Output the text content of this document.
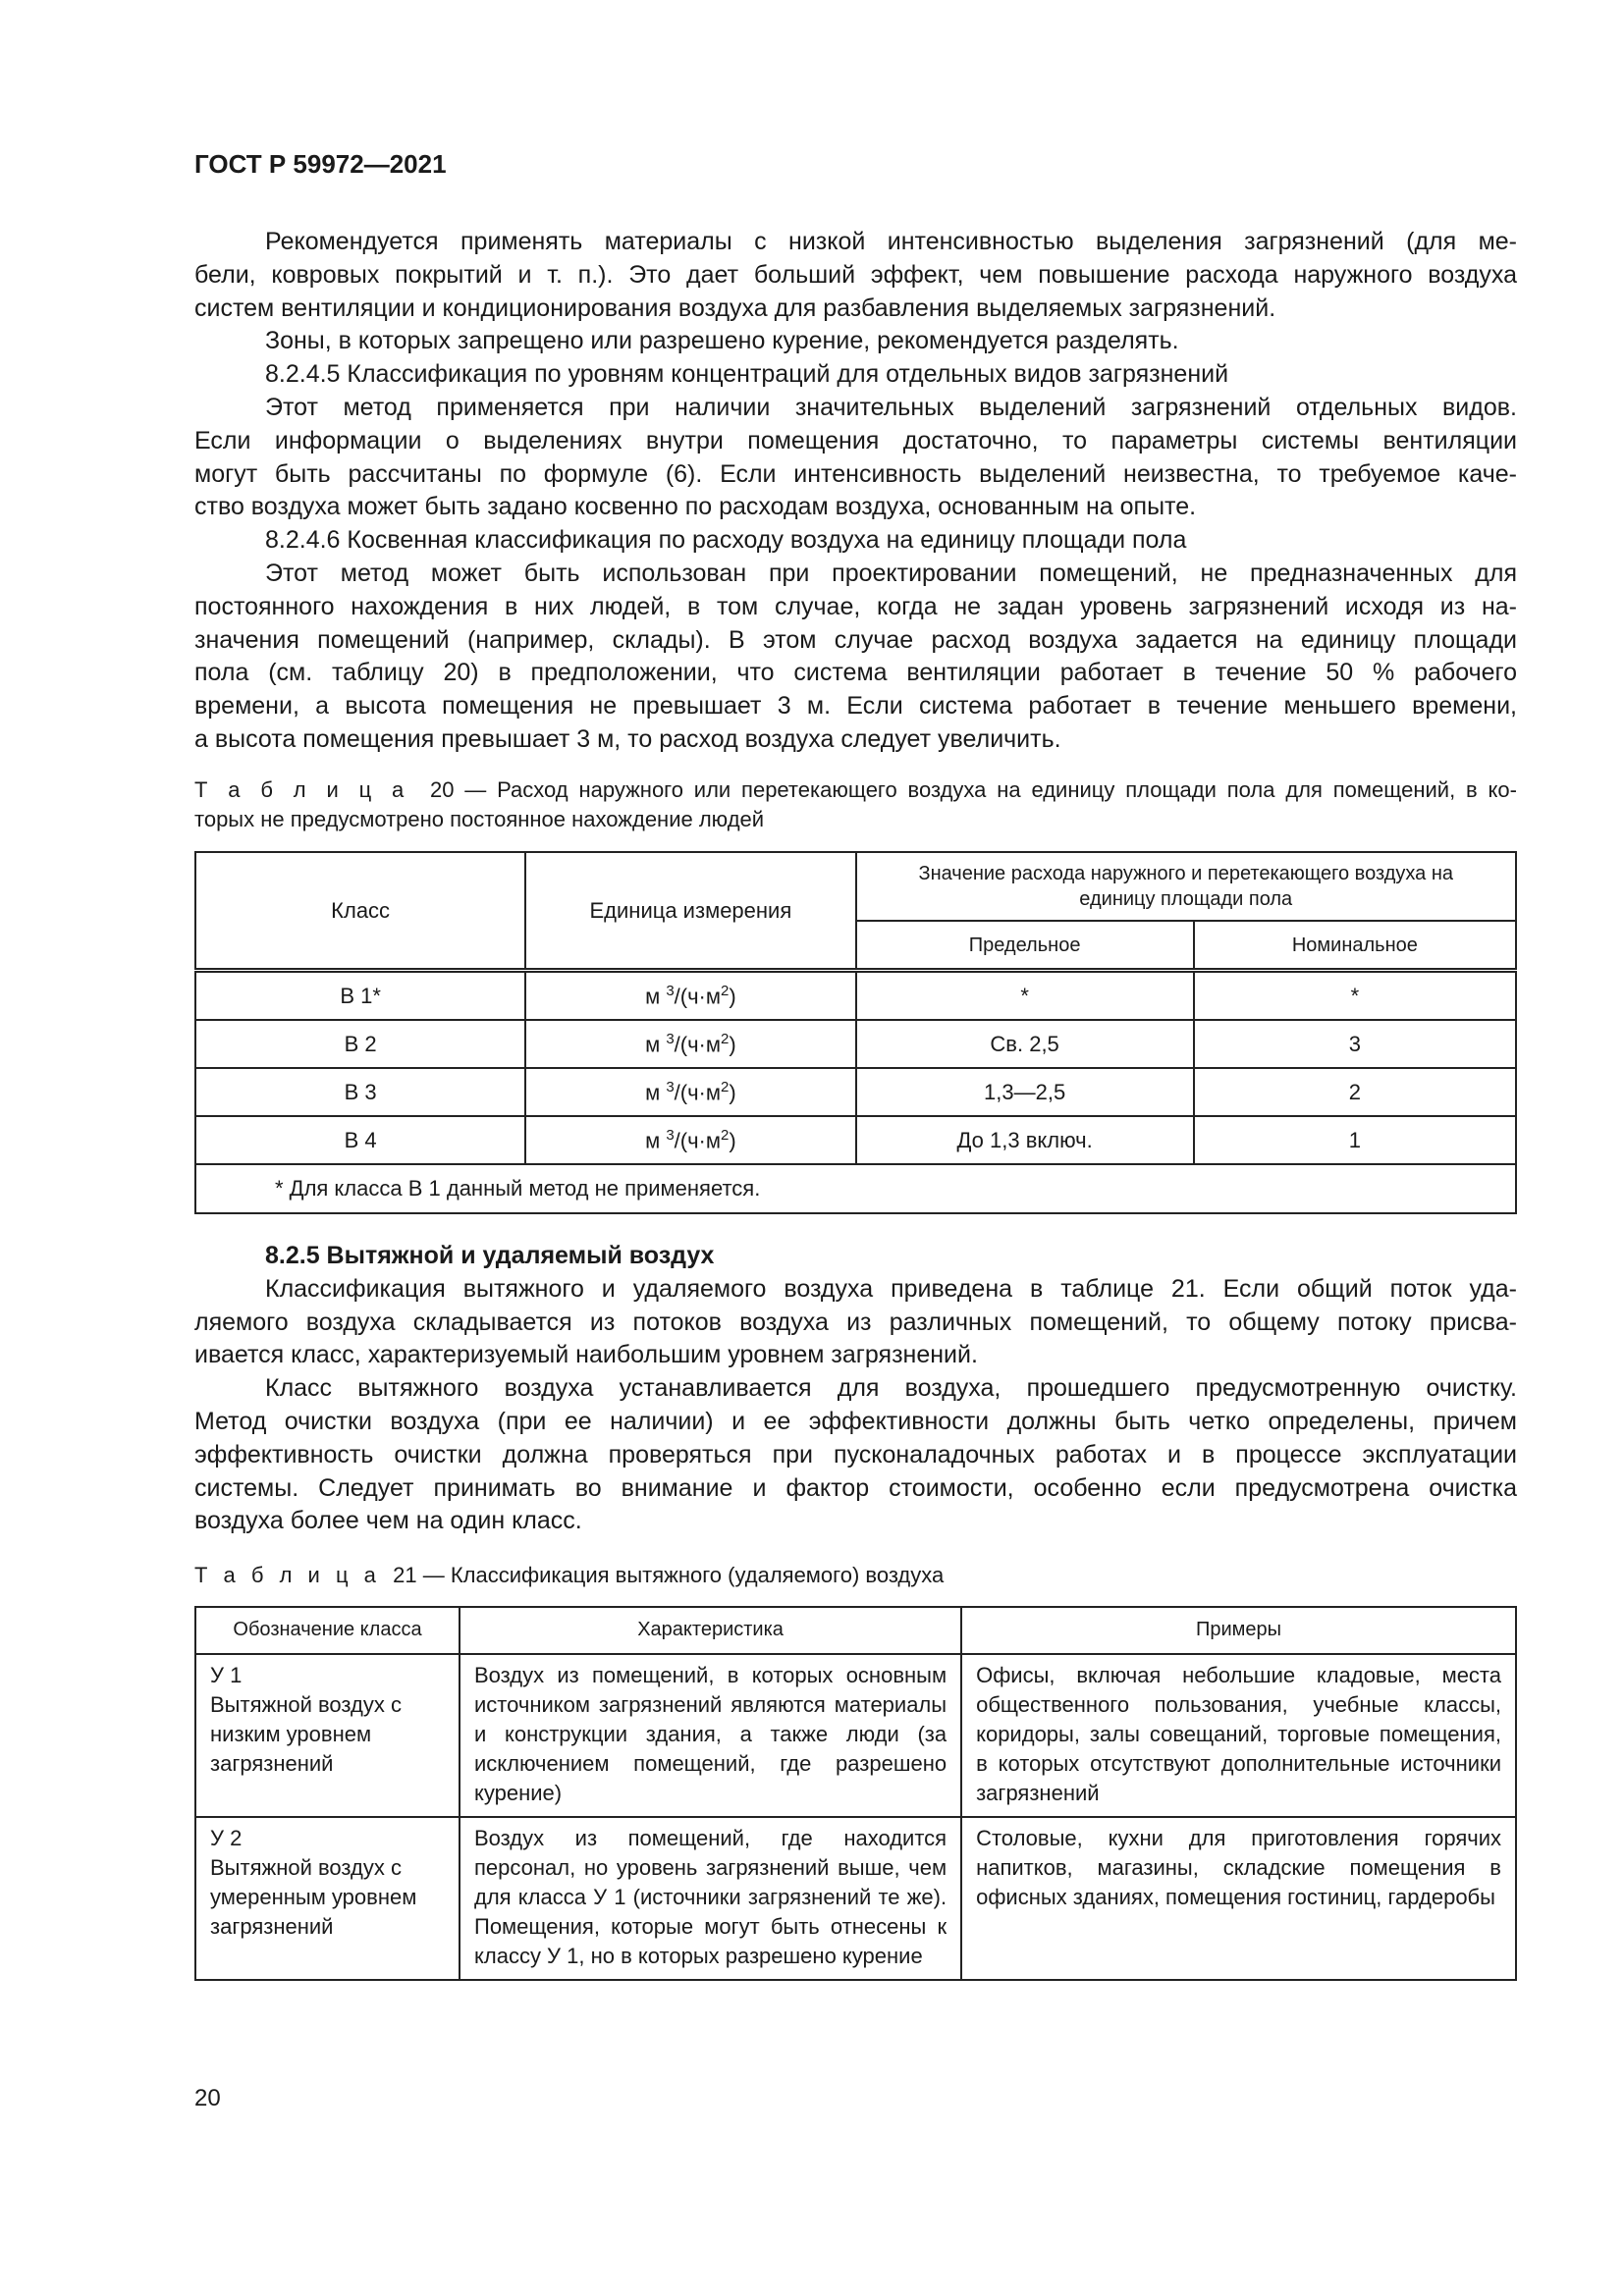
ГОСТ Р 59972—2021
Рекомендуется применять материалы с низкой интенсивностью выделения загрязнений (для ме-
бели, ковровых покрытий и т. п.). Это дает больший эффект, чем повышение расхода наружного воздуха
систем вентиляции и кондиционирования воздуха для разбавления выделяемых загрязнений.
Зоны, в которых запрещено или разрешено курение, рекомендуется разделять.
8.2.4.5 Классификация по уровням концентраций для отдельных видов загрязнений
Этот метод применяется при наличии значительных выделений загрязнений отдельных видов.
Если информации о выделениях внутри помещения достаточно, то параметры системы вентиляции
могут быть рассчитаны по формуле (6). Если интенсивность выделений неизвестна, то требуемое каче-
ство воздуха может быть задано косвенно по расходам воздуха, основанным на опыте.
8.2.4.6 Косвенная классификация по расходу воздуха на единицу площади пола
Этот метод может быть использован при проектировании помещений, не предназначенных для
постоянного нахождения в них людей, в том случае, когда не задан уровень загрязнений исходя из на-
значения помещений (например, склады). В этом случае расход воздуха задается на единицу площади
пола (см. таблицу 20) в предположении, что система вентиляции работает в течение 50 % рабочего
времени, а высота помещения не превышает 3 м. Если система работает в течение меньшего времени,
а высота помещения превышает 3 м, то расход воздуха следует увеличить.
Т а б л и ц а 20 — Расход наружного или перетекающего воздуха на единицу площади пола для помещений, в ко-
торых не предусмотрено постоянное нахождение людей
Класс	Единица измерения	Значение расхода наружного и перетекающего воздуха на единицу площади пола	
		Предельное	Номинальное
В 1*	м $^3/(ч\cdot м^2)$	*	*
В 2	м $^3/(ч\cdot м^2)$	Св. 2,5	3
В 3	м $^3/(ч\cdot м^2)$	1,3—2,5	2
В 4	м $^3/(ч\cdot м^2)$	До 1,3 включ.	1
* Для класса В 1 данный метод не применяется.			
8.2.5 Вытяжной и удаляемый воздух
Классификация вытяжного и удаляемого воздуха приведена в таблице 21. Если общий поток уда-
ляемого воздуха складывается из потоков воздуха из различных помещений, то общему потоку присва-
ивается класс, характеризуемый наибольшим уровнем загрязнений.
Класс вытяжного воздуха устанавливается для воздуха, прошедшего предусмотренную очистку.
Метод очистки воздуха (при ее наличии) и ее эффективности должны быть четко определены, причем
эффективность очистки должна проверяться при пусконаладочных работах и в процессе эксплуатации
системы. Следует принимать во внимание и фактор стоимости, особенно если предусмотрена очистка
воздуха более чем на один класс.
Т а б л и ц а 21 — Классификация вытяжного (удаляемого) воздуха
Обозначение класса	Характеристика	Примеры

У 1
Вытяжной воздух с низким уровнем загрязнений	Воздух из помещений, в которых основным источником загрязнений являются материалы и конструкции здания, а также люди (за исключением помещений, где разрешено курение)	Офисы, включая небольшие кладовые, места общественного пользования, учебные классы, коридоры, залы совещаний, торговые помещения, в которых отсутствуют дополнительные источники загрязнений

У 2
Вытяжной воздух с умеренным уровнем загрязнений	Воздух из помещений, где находится персонал, но уровень загрязнений выше, чем для класса У 1 (источники загрязнений те же). Помещения, которые могут быть отнесены к классу У 1, но в которых разрешено курение	Столовые, кухни для приготовления горячих напитков, магазины, складские помещения в офисных зданиях, помещения гостиниц, гардеробы
20
